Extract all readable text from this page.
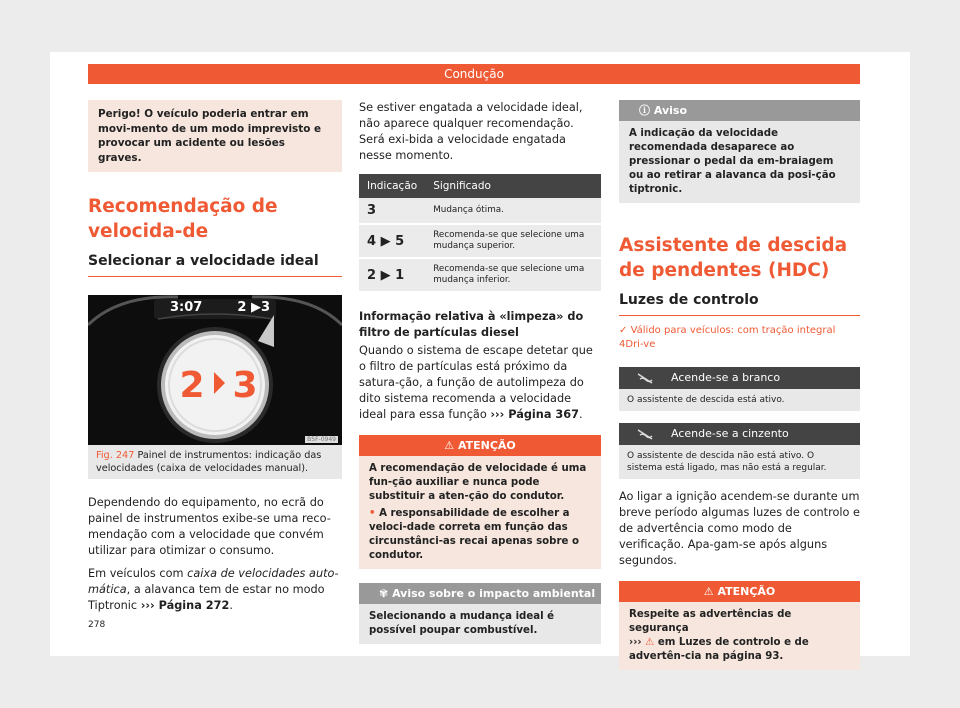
Condução
Perigo! O veículo poderia entrar em movi-mento de um modo imprevisto e provocar um acidente ou lesões graves.
Recomendação de velocida-de
Selecionar a velocidade ideal
3:07	2 ▶3
2 3
B5F-0949
Fig. 247 Painel de instrumentos: indicação das velocidades (caixa de velocidades manual).

Dependendo do equipamento, no ecrã do painel de instrumentos exibe-se uma reco-mendação com a velocidade que convém utilizar para otimizar o consumo.

Em veículos com caixa de velocidades auto-mática, a alavanca tem de estar no modo Tiptronic ››› Página 272.

Se estiver engatada a velocidade ideal, não aparece qualquer recomendação. Será exi-bida a velocidade engatada nesse momento.

Indicação	Significado
3	Mudança ótima.
4 ▶ 5	Recomenda-se que selecione uma mudança superior.
2 ▶ 1	Recomenda-se que selecione uma mudança inferior.

Informação relativa à «limpeza» do filtro de partículas diesel

Quando o sistema de escape detetar que o filtro de partículas está próximo da satura-ção, a função de autolimpeza do dito sistema recomenda a velocidade ideal para essa função ››› Página 367.

⚠ ATENÇÃO
A recomendação de velocidade é uma fun-ção auxiliar e nunca pode substituir a aten-ção do condutor.
• A responsabilidade de escolher a veloci-dade correta em função das circunstânci-as recai apenas sobre o condutor.
✾ Aviso sobre o impacto ambiental
Selecionando a mudança ideal é possível poupar combustível.
ⓘ Aviso
A indicação da velocidade recomendada desaparece ao pressionar o pedal da em-braiagem ou ao retirar a alavanca da posi-ção tiptronic.
Assistente de descida de pendentes (HDC)
Luzes de controlo

✓ Válido para veículos: com tração integral 4Dri-ve

Acende-se a branco
O assistente de descida está ativo.
Acende-se a cinzento
O assistente de descida não está ativo. O sistema está ligado, mas não está a regular.

Ao ligar a ignição acendem-se durante um breve período algumas luzes de controlo e de advertência como modo de verificação. Apa-gam-se após alguns segundos.

⚠ ATENÇÃO
Respeite as advertências de segurança
››› ⚠ em Luzes de controlo e de advertên-cia na página 93.
278
